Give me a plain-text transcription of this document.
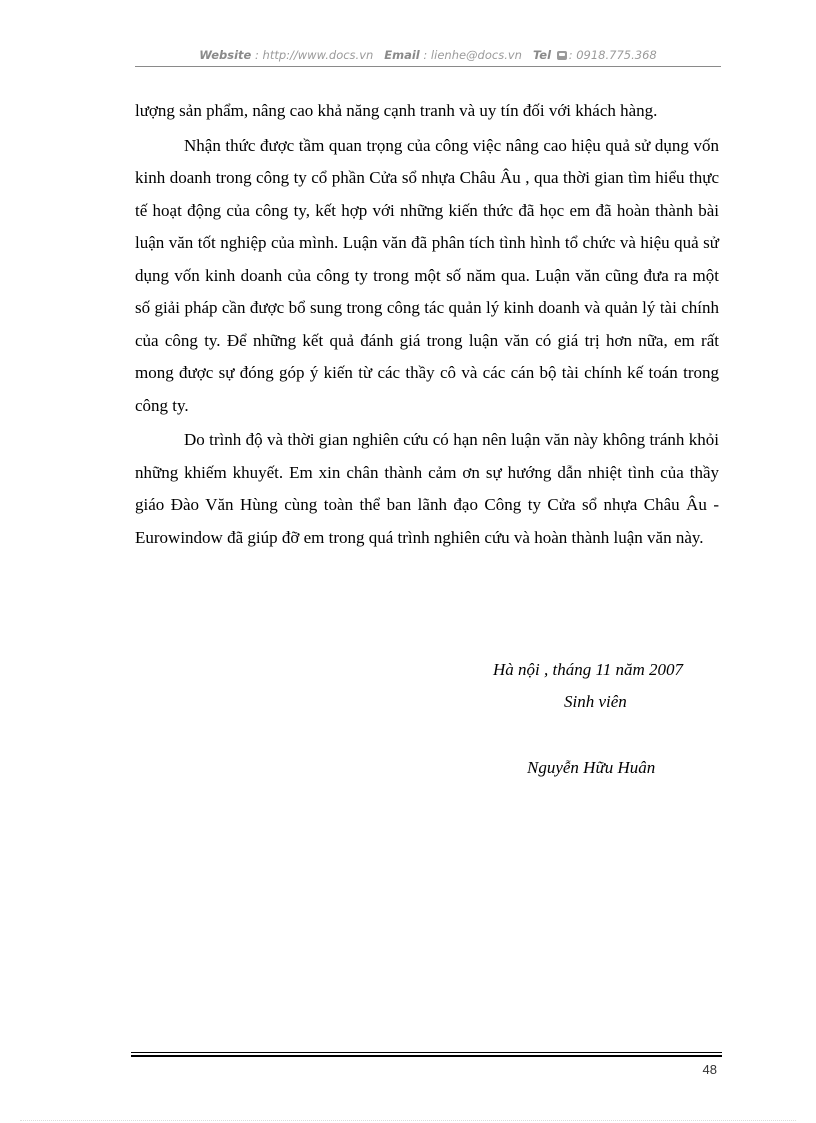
Website : http://www.docs.vn Email : lienhe@docs.vn Tel : 0918.775.368

lượng sản phẩm, nâng cao khả năng cạnh tranh và uy tín đối với khách hàng.

Nhận thức được tầm quan trọng của công việc nâng cao hiệu quả sử dụng vốn kinh doanh trong công ty cổ phần Cửa sổ nhựa Châu Âu , qua thời gian tìm hiểu thực tế hoạt động của công ty, kết hợp với những kiến thức đã học em đã hoàn thành bài luận văn tốt nghiệp của mình. Luận văn đã phân tích tình hình tổ chức và hiệu quả sử dụng vốn kinh doanh của công ty trong một số năm qua. Luận văn cũng đưa ra một số giải pháp cần được bổ sung trong công tác quản lý kinh doanh và quản lý tài chính của công ty. Để những kết quả đánh giá trong luận văn có giá trị hơn nữa, em rất mong được sự đóng góp ý kiến từ các thầy cô và các cán bộ tài chính kế toán trong công ty.

Do trình độ và thời gian nghiên cứu có hạn nên luận văn này không tránh khỏi những khiếm khuyết. Em xin chân thành cảm ơn sự hướng dẫn nhiệt tình của thầy giáo Đào Văn Hùng cùng toàn thể ban lãnh đạo Công ty Cửa sổ nhựa Châu Âu - Eurowindow đã giúp đỡ em trong quá trình nghiên cứu và hoàn thành luận văn này.

Hà nội , tháng 11 năm 2007
Sinh viên
Nguyễn Hữu Huân
48
